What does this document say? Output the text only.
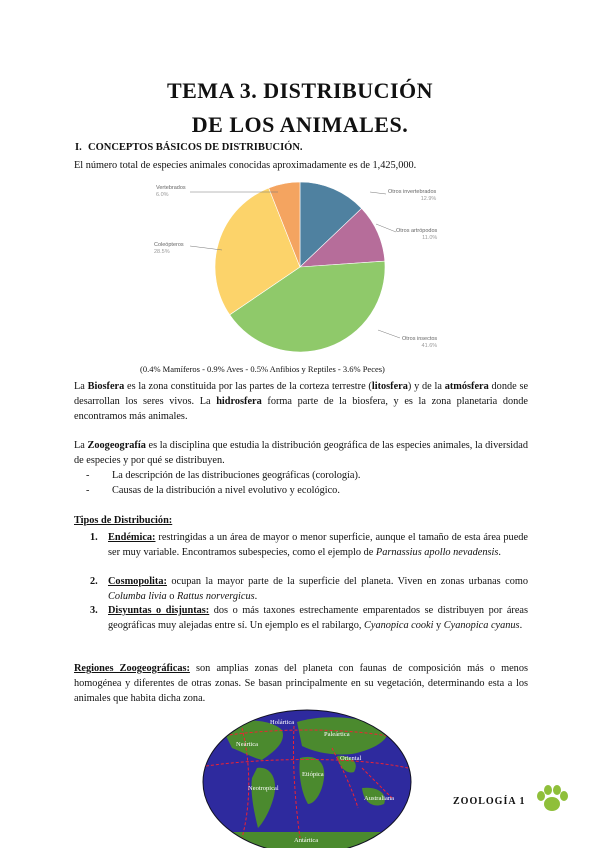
TEMA 3. DISTRIBUCIÓN
DE LOS ANIMALES.
I. CONCEPTOS BÁSICOS DE DISTRIBUCIÓN.
El número total de especies animales conocidas aproximadamente es de 1,425,000.
Vertebrados
6.0%	Otros invertebrados
12.9%
Otros artrópodos
11.0%
Coleópteros
28.5%
Otros insectos
41.6%
(0.4% Mamíferos - 0.9% Aves - 0.5% Anfibios y Reptiles - 3.6% Peces)
La Biosfera es la zona constituida por las partes de la corteza terrestre (litosfera) y de la atmósfera donde se desarrollan los seres vivos. La hidrosfera forma parte de la biosfera, y es la zona planetaria donde encontramos más animales.
La Zoogeografía es la disciplina que estudia la distribución geográfica de las especies animales, la diversidad de especies y por qué se distribuyen.
- La descripción de las distribuciones geográficas (corología).
- Causas de la distribución a nivel evolutivo y ecológico.
Tipos de Distribución:
1. Endémica: restringidas a un área de mayor o menor superficie, aunque el tamaño de esta área puede ser muy variable. Encontramos subespecies, como el ejemplo de Parnassius apollo nevadensis.
2. Cosmopolita: ocupan la mayor parte de la superficie del planeta. Viven en zonas urbanas como Columba livia o Rattus norvergicus.
3. Disyuntas o disjuntas: dos o más taxones estrechamente emparentados se distribuyen por áreas geográficas muy alejadas entre sí. Un ejemplo es el rabilargo, Cyanopica cooki y Cyanopica cyanus.
Regiones Zoogeográficas: son amplias zonas del planeta con faunas de composición más o menos homogénea y diferentes de otras zonas. Se basan principalmente en su vegetación, determinando esta a los animales que habita dicha zona.
Holártica
Neártica
Paleártica
Etiópica
Oriental
Neotropical
Australiana
Antártica
ZOOLOGÍA 1
